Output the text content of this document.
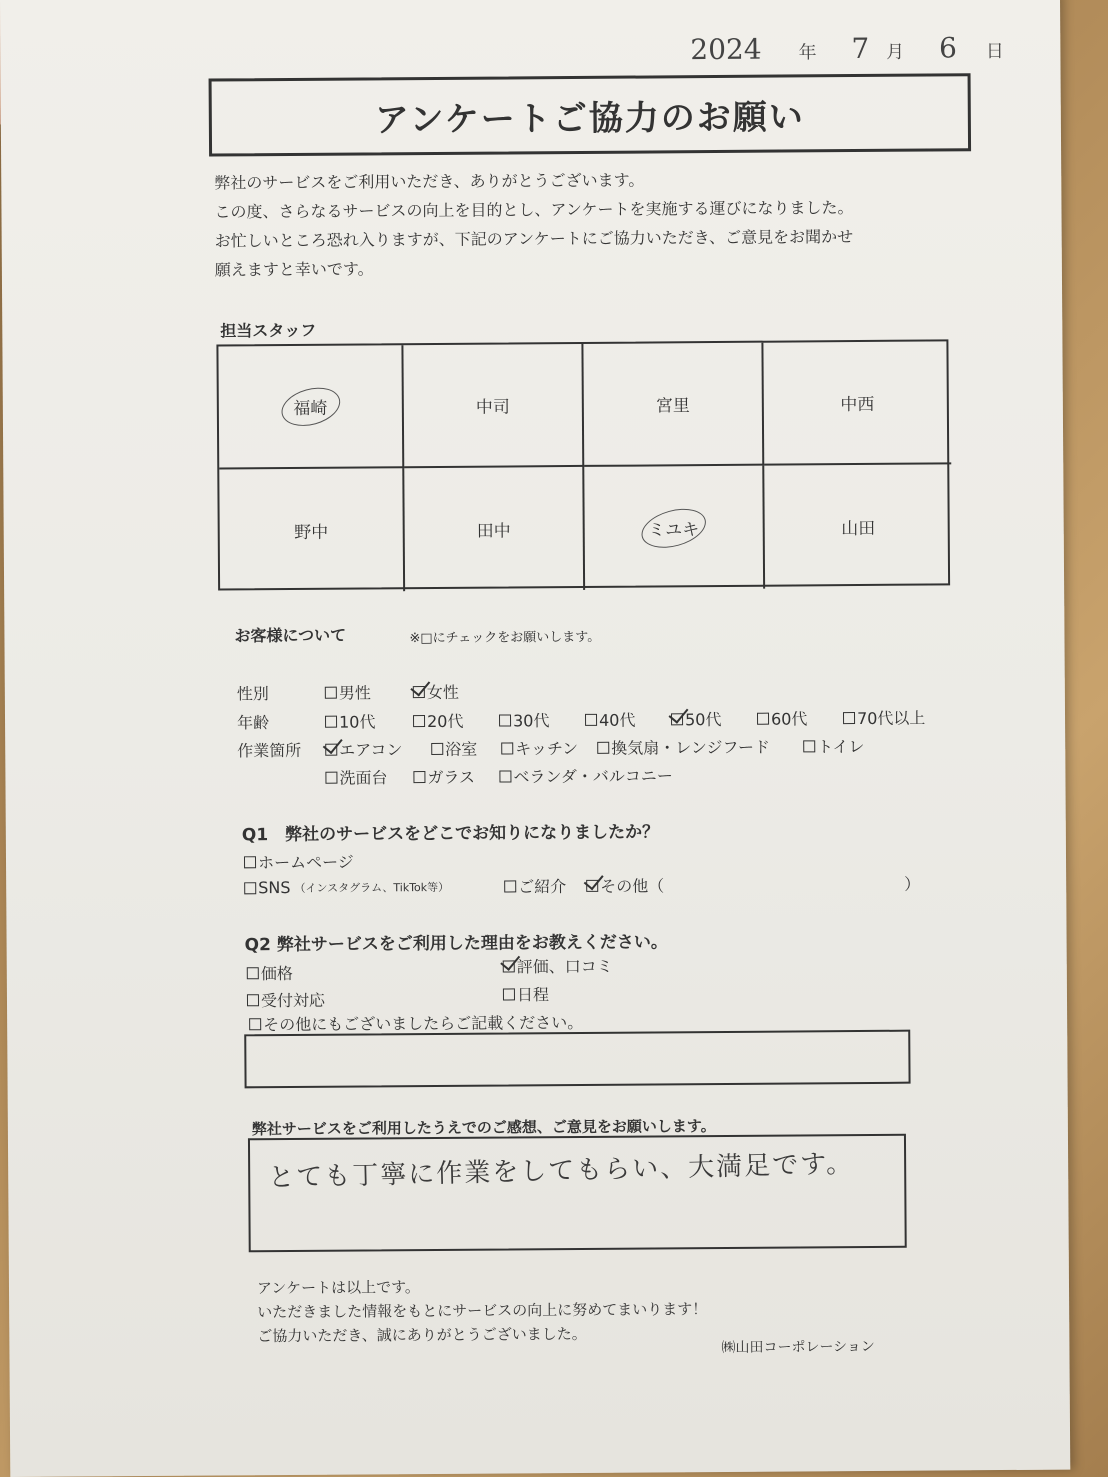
2024 年 7 月 6 日
アンケートご協力のお願い
弊社のサービスをご利用いただき、ありがとうございます。
この度、さらなるサービスの向上を目的とし、アンケートを実施する運びになりました。
お忙しいところ恐れ入りますが、下記のアンケートにご協力いただき、ご意見をお聞かせ
願えますと幸いです。
担当スタッフ
福崎	中司	宮里	中西
野中	田中	ミユキ	山田
お客様について	※□にチェックをお願いします。
性別	男性	女性
年齢	10代	20代	30代	40代	50代	60代	70代以上
作業箇所	エアコン	浴室 キッチン 換気扇・レンジフード	トイレ
洗面台 ガラス ベランダ・バルコニー
Q1　弊社のサービスをどこでお知りになりましたか？
ホームページ
SNS （インスタグラム、TikTok等）	ご紹介 その他（	）
Q2 弊社サービスをご利用した理由をお教えください。
価格	評価、口コミ
受付対応	日程
その他にもございましたらご記載ください。
弊社サービスをご利用したうえでのご感想、ご意見をお願いします。
とても丁寧に作業をしてもらい、大満足です。
アンケートは以上です。
いただきました情報をもとにサービスの向上に努めてまいります！
ご協力いただき、誠にありがとうございました。
㈱山田コーポレーション
